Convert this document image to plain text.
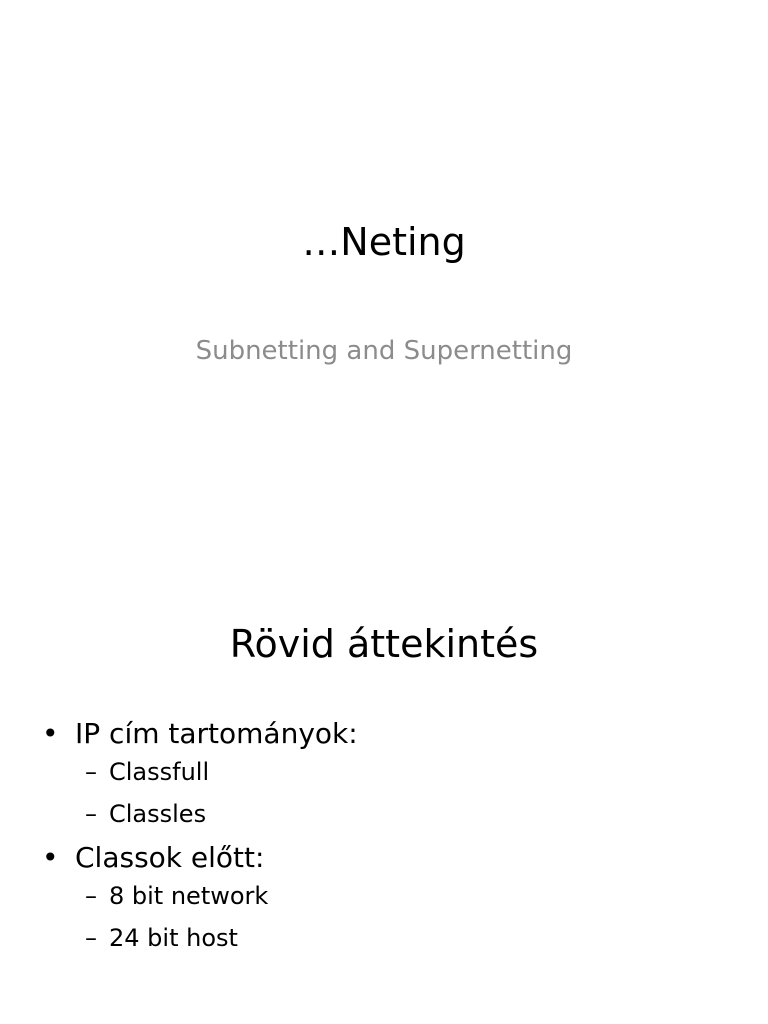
…Neting
Subnetting and Supernetting
Rövid áttekintés
• IP cím tartományok:
– Classfull
– Classles
• Classok előtt:
– 8 bit network
– 24 bit host
